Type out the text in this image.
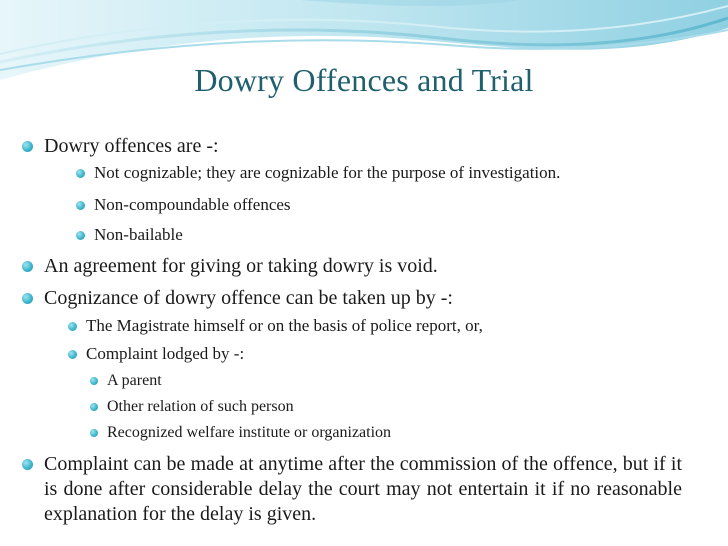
Dowry Offences and Trial
Dowry offences are -:
Not cognizable; they are cognizable for the purpose of investigation.
Non-compoundable offences
Non-bailable
An agreement for giving or taking dowry is void.
Cognizance of dowry offence can be taken up by -:
The Magistrate himself or on the basis of police report, or,
Complaint lodged by -:
A parent
Other relation of such person
Recognized welfare institute or organization
Complaint can be made at anytime after the commission of the offence, but if it is done after considerable delay the court may not entertain it if no reasonable explanation for the delay is given.
